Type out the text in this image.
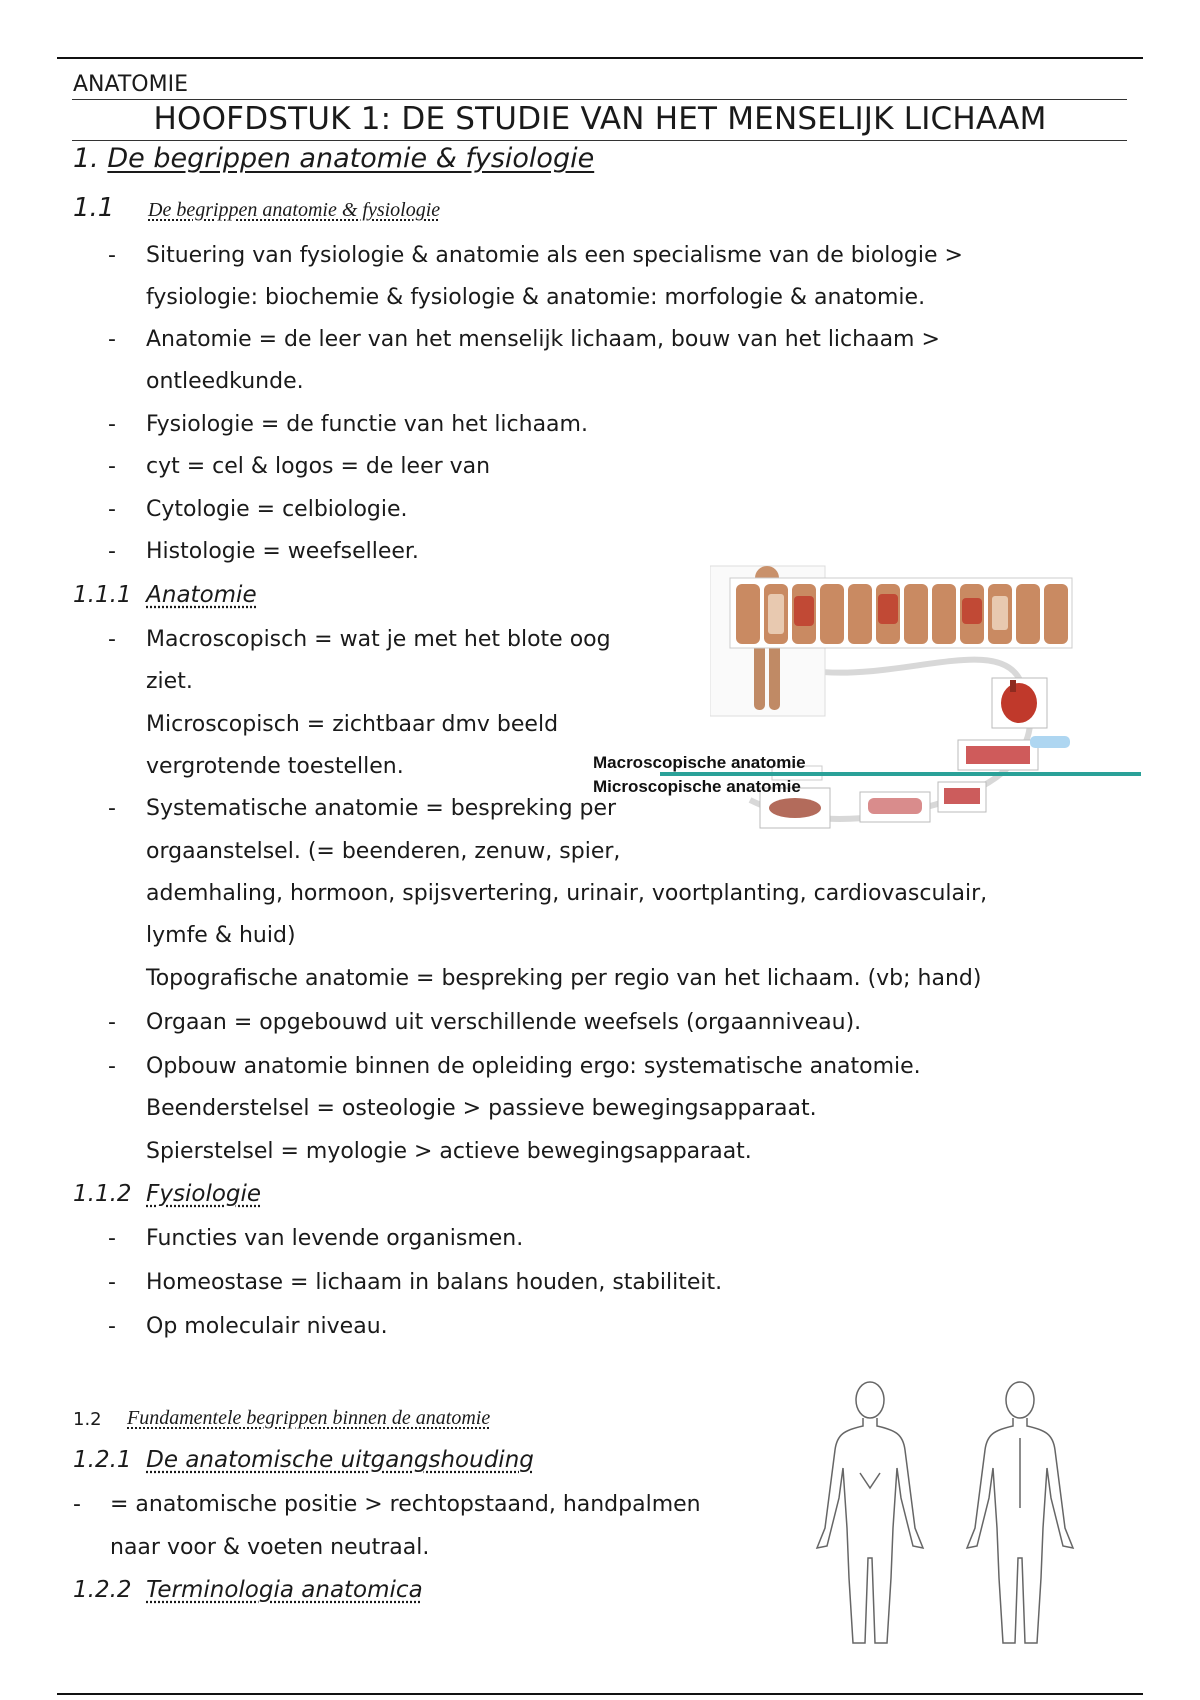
ANATOMIE
HOOFDSTUK 1: DE STUDIE VAN HET MENSELIJK LICHAAM
1. De begrippen anatomie & fysiologie
1.1 De begrippen anatomie & fysiologie
- Situering van fysiologie & anatomie als een specialisme van de biologie >
fysiologie: biochemie & fysiologie & anatomie: morfologie & anatomie.
- Anatomie = de leer van het menselijk lichaam, bouw van het lichaam >
ontleedkunde.
- Fysiologie = de functie van het lichaam.
- cyt = cel & logos = de leer van
- Cytologie = celbiologie.
- Histologie = weefselleer.
1.1.1 Anatomie
- Macroscopisch = wat je met het blote oog
ziet.
Microscopisch = zichtbaar dmv beeld
vergrotende toestellen.
- Systematische anatomie = bespreking per
orgaanstelsel. (= beenderen, zenuw, spier,
ademhaling, hormoon, spijsvertering, urinair, voortplanting, cardiovasculair,
lymfe & huid)
Topografische anatomie = bespreking per regio van het lichaam. (vb; hand)
- Orgaan = opgebouwd uit verschillende weefsels (orgaanniveau).
- Opbouw anatomie binnen de opleiding ergo: systematische anatomie.
Beenderstelsel = osteologie > passieve bewegingsapparaat.
Spierstelsel = myologie > actieve bewegingsapparaat.
Macroscopische anatomie
Microscopische anatomie
1.1.2 Fysiologie
- Functies van levende organismen.
- Homeostase = lichaam in balans houden, stabiliteit.
- Op moleculair niveau.
1.2 Fundamentele begrippen binnen de anatomie
1.2.1 De anatomische uitgangshouding
- = anatomische positie > rechtopstaand, handpalmen
naar voor & voeten neutraal.
1.2.2 Terminologia anatomica
